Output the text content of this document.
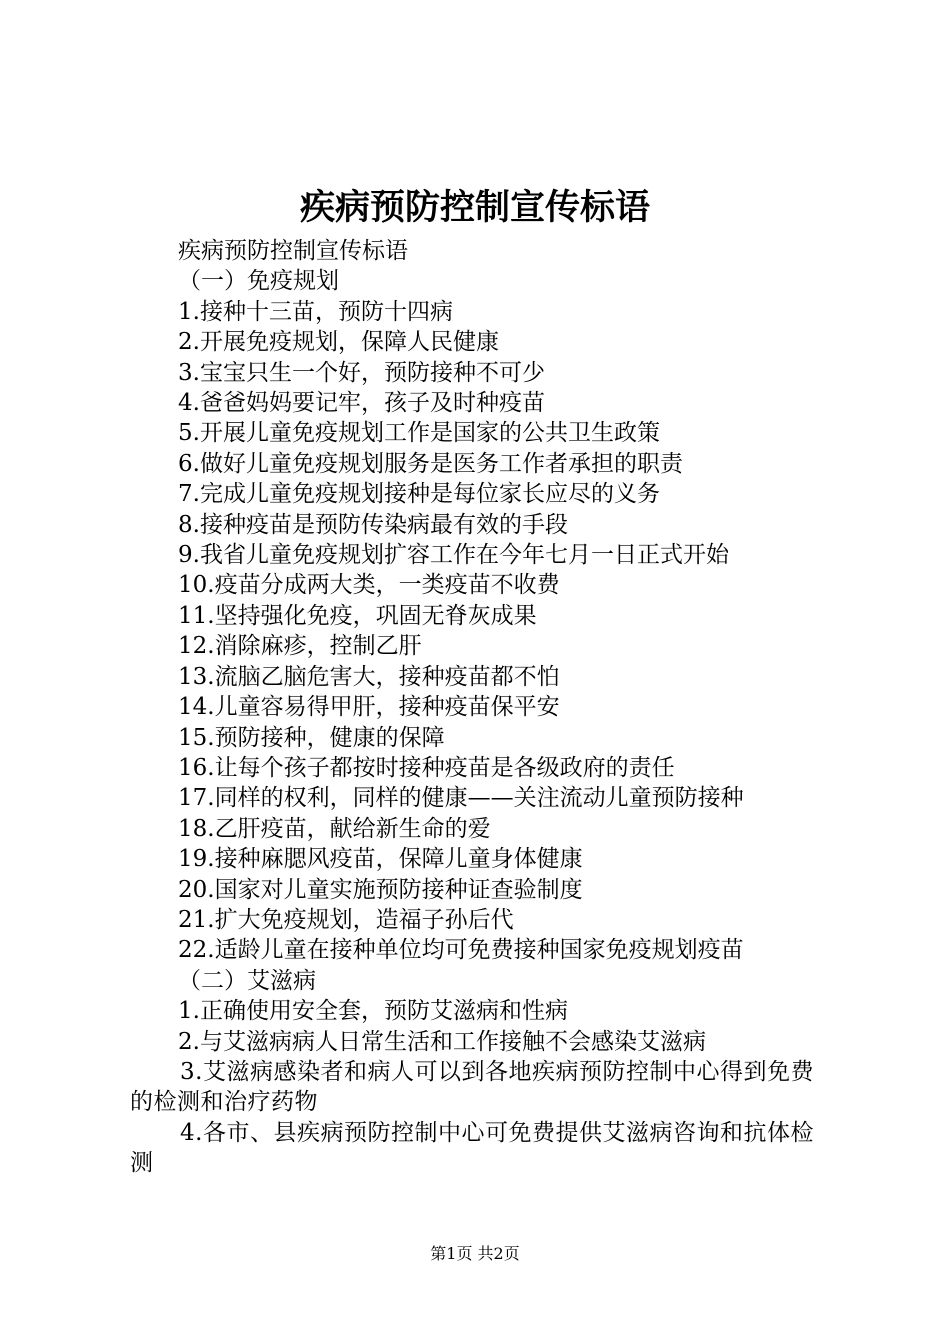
疾病预防控制宣传标语
疾病预防控制宣传标语
（一）免疫规划
1.接种十三苗，预防十四病
2.开展免疫规划，保障人民健康
3.宝宝只生一个好，预防接种不可少
4.爸爸妈妈要记牢，孩子及时种疫苗
5.开展儿童免疫规划工作是国家的公共卫生政策
6.做好儿童免疫规划服务是医务工作者承担的职责
7.完成儿童免疫规划接种是每位家长应尽的义务
8.接种疫苗是预防传染病最有效的手段
9.我省儿童免疫规划扩容工作在今年七月一日正式开始
10.疫苗分成两大类，一类疫苗不收费
11.坚持强化免疫，巩固无脊灰成果
12.消除麻疹，控制乙肝
13.流脑乙脑危害大，接种疫苗都不怕
14.儿童容易得甲肝，接种疫苗保平安
15.预防接种，健康的保障
16.让每个孩子都按时接种疫苗是各级政府的责任
17.同样的权利，同样的健康——关注流动儿童预防接种
18.乙肝疫苗，献给新生命的爱
19.接种麻腮风疫苗，保障儿童身体健康
20.国家对儿童实施预防接种证查验制度
21.扩大免疫规划，造福子孙后代
22.适龄儿童在接种单位均可免费接种国家免疫规划疫苗
（二）艾滋病
1.正确使用安全套，预防艾滋病和性病
2.与艾滋病病人日常生活和工作接触不会感染艾滋病
3.艾滋病感染者和病人可以到各地疾病预防控制中心得到免费的检测和治疗药物
4.各市、县疾病预防控制中心可免费提供艾滋病咨询和抗体检测
第1页 共2页
